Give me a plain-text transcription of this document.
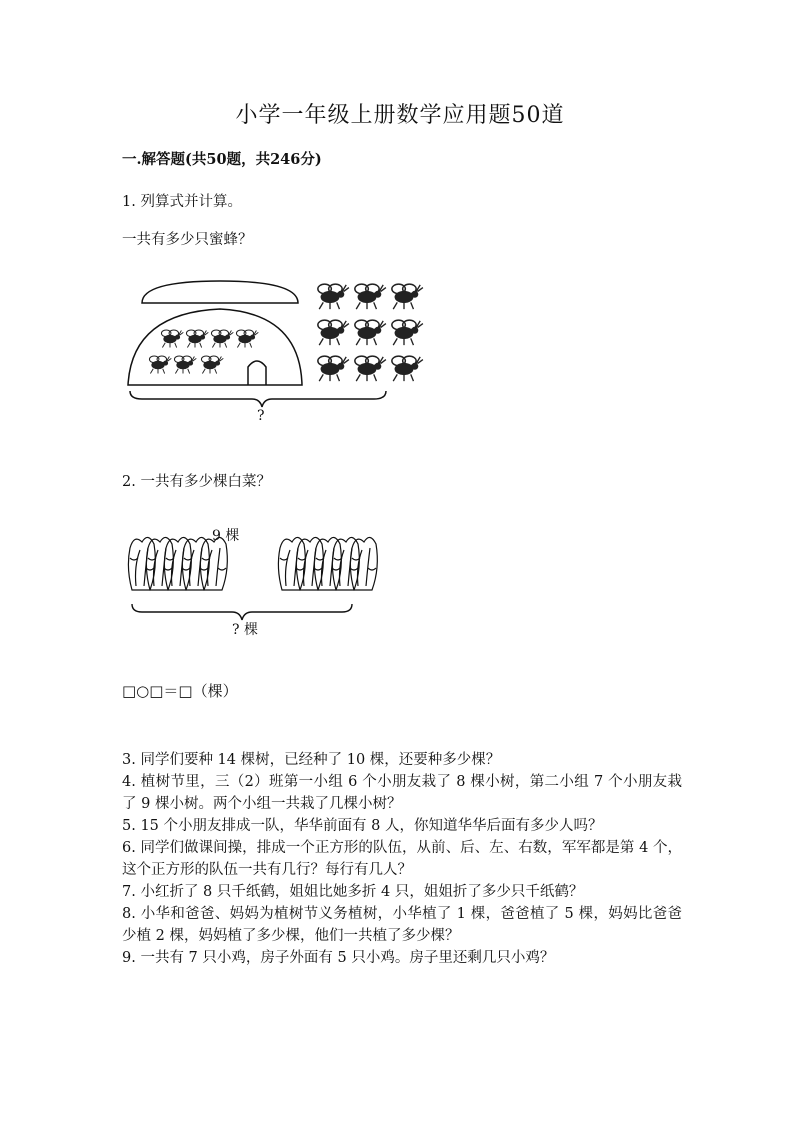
小学一年级上册数学应用题50道
一.解答题(共50题，共246分)
1. 列算式并计算。
一共有多少只蜜蜂？
?
2. 一共有多少棵白菜？
9 棵
? 棵
□○□＝□（棵）
3. 同学们要种 14 棵树，已经种了 10 棵，还要种多少棵？
4. 植树节里，三（2）班第一小组 6 个小朋友栽了 8 棵小树，第二小组 7 个小朋友栽了 9 棵小树。两个小组一共栽了几棵小树？
5. 15 个小朋友排成一队，华华前面有 8 人，你知道华华后面有多少人吗？
6. 同学们做课间操，排成一个正方形的队伍，从前、后、左、右数，军军都是第 4 个，这个正方形的队伍一共有几行？每行有几人？
7. 小红折了 8 只千纸鹤，姐姐比她多折 4 只，姐姐折了多少只千纸鹤？
8. 小华和爸爸、妈妈为植树节义务植树，小华植了 1 棵，爸爸植了 5 棵，妈妈比爸爸少植 2 棵，妈妈植了多少棵，他们一共植了多少棵？
9. 一共有 7 只小鸡，房子外面有 5 只小鸡。房子里还剩几只小鸡？
